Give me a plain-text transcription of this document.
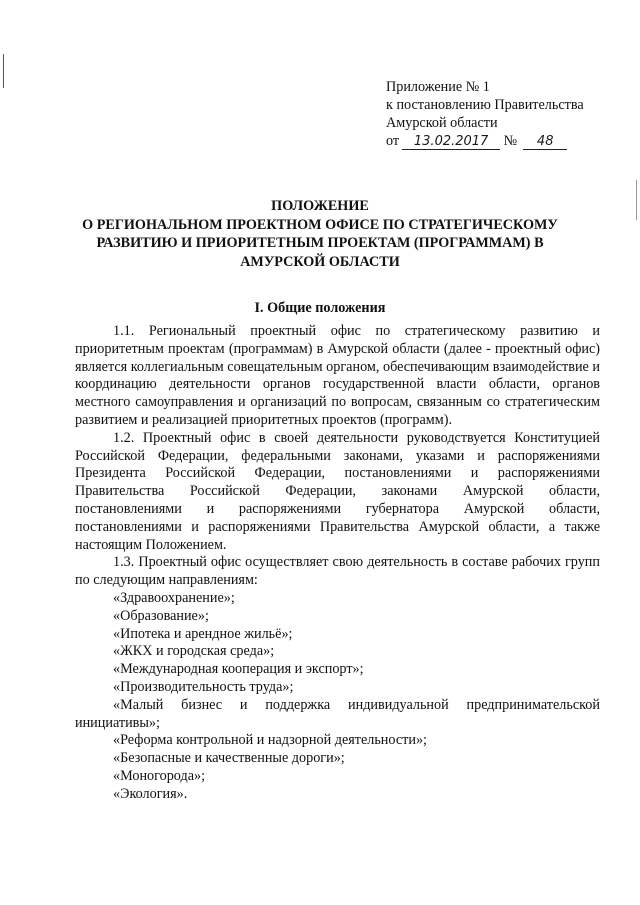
Приложение № 1
к постановлению Правительства
Амурской области
от 13.02.2017 № 48
ПОЛОЖЕНИЕ
О РЕГИОНАЛЬНОМ ПРОЕКТНОМ ОФИСЕ ПО СТРАТЕГИЧЕСКОМУ
РАЗВИТИЮ И ПРИОРИТЕТНЫМ ПРОЕКТАМ (ПРОГРАММАМ) В
АМУРСКОЙ ОБЛАСТИ
I. Общие положения

1.1. Региональный проектный офис по стратегическому развитию и приоритетным проектам (программам) в Амурской области (далее - проектный офис) является коллегиальным совещательным органом, обеспечивающим взаимодействие и координацию деятельности органов государственной власти области, органов местного самоуправления и организаций по вопросам, связанным со стратегическим развитием и реализацией приоритетных проектов (программ).

1.2. Проектный офис в своей деятельности руководствуется Конституцией Российской Федерации, федеральными законами, указами и распоряжениями Президента Российской Федерации, постановлениями и распоряжениями Правительства Российской Федерации, законами Амурской области, постановлениями и распоряжениями губернатора Амурской области, постановлениями и распоряжениями Правительства Амурской области, а также настоящим Положением.

1.3. Проектный офис осуществляет свою деятельность в составе рабочих групп по следующим направлениям:

«Здравоохранение»;
«Образование»;
«Ипотека и арендное жильё»;
«ЖКХ и городская среда»;
«Международная кооперация и экспорт»;
«Производительность труда»;
«Малый бизнес и поддержка индивидуальной предпринимательской инициативы»;
«Реформа контрольной и надзорной деятельности»;
«Безопасные и качественные дороги»;
«Моногорода»;
«Экология».
